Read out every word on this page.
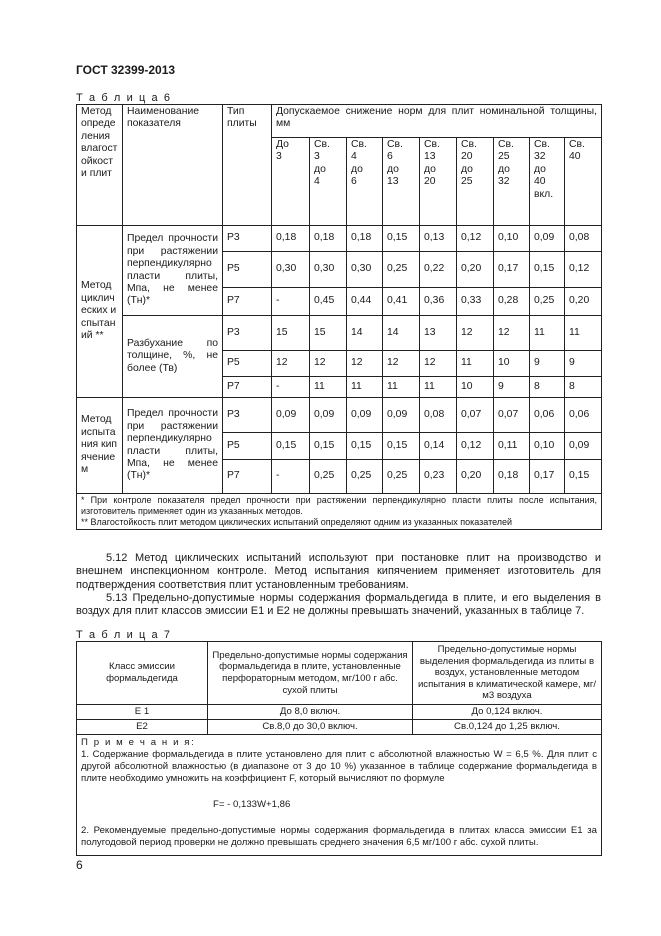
ГОСТ 32399-2013
Т а б л и ц а 6
Метод определения влагостойкости плит	Наименование показателя	Тип плиты	Допускаемое снижение норм для плит номинальной толщины, мм								
			До 3	Св. 3 до 4	Св. 4 до 6	Св. 6 до 13	Св. 13 до 20	Св. 20 до 25	Св. 25 до 32	Св. 32 до 40 вкл.	Св. 40
Метод циклических испытаний **	Предел прочности при растяжении перпендикулярно пласти плиты, Мпа, не менее (Тн)*	Р3	0,18	0,18	0,18	0,15	0,13	0,12	0,10	0,09	0,08
		Р5	0,30	0,30	0,30	0,25	0,22	0,20	0,17	0,15	0,12
		Р7	-	0,45	0,44	0,41	0,36	0,33	0,28	0,25	0,20
	Разбухание по толщине, %, не более (Тв)	Р3	15	15	14	14	13	12	12	11	11
		Р5	12	12	12	12	12	11	10	9	9
		Р7	-	11	11	11	11	10	9	8	8
Метод испытания кипячением	Предел прочности при растяжении перпендикулярно пласти плиты, Мпа, не менее (Тн)*	Р3	0,09	0,09	0,09	0,09	0,08	0,07	0,07	0,06	0,06
		Р5	0,15	0,15	0,15	0,15	0,14	0,12	0,11	0,10	0,09
		Р7	-	0,25	0,25	0,25	0,23	0,20	0,18	0,17	0,15

* При контроле показателя предел прочности при растяжении перпендикулярно пласти плиты после испытания, изготовитель применяет один из указанных методов.
** Влагостойкость плит методом циклических испытаний определяют одним из указанных показателей											
5.12 Метод циклических испытаний используют при постановке плит на производство и внешнем инспекционном контроле. Метод испытания кипячением применяет изготовитель для подтверждения соответствия плит установленным требованиям.
5.13 Предельно-допустимые нормы содержания формальдегида в плите, и его выделения в воздух для плит классов эмиссии Е1 и Е2 не должны превышать значений, указанных в таблице 7.
Т а б л и ц а 7
Класс эмиссии формальдегида	Предельно-допустимые нормы содержания формальдегида в плите, установленные перфораторным методом, мг/100 г абс. сухой плиты	Предельно-допустимые нормы выделения формальдегида из плиты в воздух, установленные методом испытания в климатической камере, мг/м3 воздуха
Е 1	До 8,0 включ.	До 0,124 включ.
Е2	Св.8,0 до 30,0 включ.	Св.0,124 до 1,25 включ.

П р и м е ч а н и я:
1. Содержание формальдегида в плите установлено для плит с абсолютной влажностью W = 6,5 %. Для плит с другой абсолютной влажностью (в диапазоне от 3 до 10 %) указанное в таблице содержание формальдегида в плите необходимо умножить на коэффициент F, который вычисляют по формуле
F= - 0,133W+1,86
2. Рекомендуемые предельно-допустимые нормы содержания формальдегида в плитах класса эмиссии Е1 за полугодовой период проверки не должно превышать среднего значения 6,5 мг/100 г абс. сухой плиты.		
6
